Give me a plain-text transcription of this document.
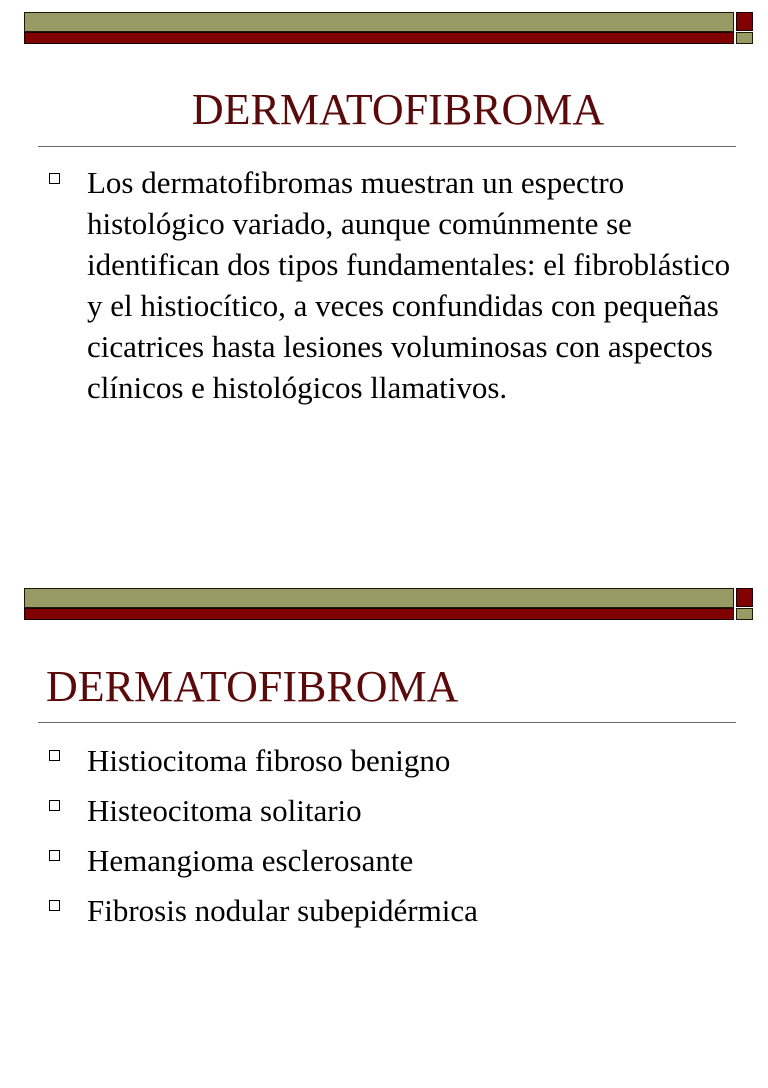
DERMATOFIBROMA
Los dermatofibromas muestran un espectro histológico variado, aunque comúnmente se identifican dos tipos fundamentales: el fibroblástico y el histiocítico, a veces confundidas con pequeñas cicatrices hasta lesiones voluminosas con aspectos clínicos e histológicos llamativos.
DERMATOFIBROMA
Histiocitoma fibroso benigno
Histeocitoma solitario
Hemangioma esclerosante
Fibrosis nodular subepidérmica
